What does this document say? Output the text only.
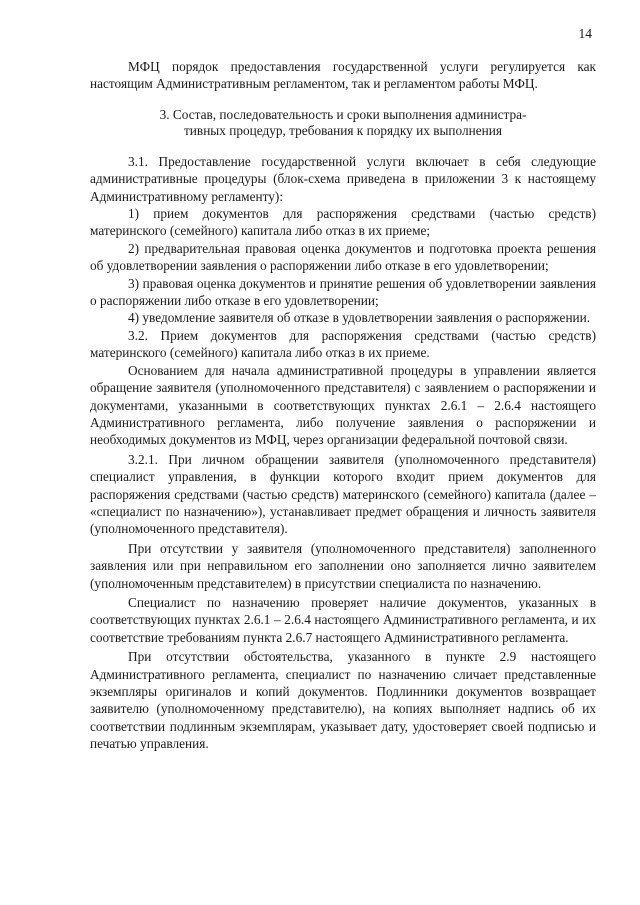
14

МФЦ порядок предоставления государственной услуги регулируется как настоящим Административным регламентом, так и регламентом работы МФЦ.

3. Состав, последовательность и сроки выполнения администра-
тивных процедур, требования к порядку их выполнения

3.1. Предоставление государственной услуги включает в себя следующие административные процедуры (блок-схема приведена в приложении 3 к настоящему Административному регламенту):

1) прием документов для распоряжения средствами (частью средств) материнского (семейного) капитала либо отказ в их приеме;

2) предварительная правовая оценка документов и подготовка проекта решения об удовлетворении заявления о распоряжении либо отказе в его удовлетворении;

3) правовая оценка документов и принятие решения об удовлетворении заявления о распоряжении либо отказе в его удовлетворении;

4) уведомление заявителя об отказе в удовлетворении заявления о распоряжении.

3.2. Прием документов для распоряжения средствами (частью средств) материнского (семейного) капитала либо отказ в их приеме.

Основанием для начала административной процедуры в управлении является обращение заявителя (уполномоченного представителя) с заявлением о распоряжении и документами, указанными в соответствующих пунктах 2.6.1 – 2.6.4 настоящего Административного регламента, либо получение заявления о распоряжении и необходимых документов из МФЦ, через организации федеральной почтовой связи.

3.2.1. При личном обращении заявителя (уполномоченного представителя) специалист управления, в функции которого входит прием документов для распоряжения средствами (частью средств) материнского (семейного) капитала (далее – «специалист по назначению»), устанавливает предмет обращения и личность заявителя (уполномоченного представителя).

При отсутствии у заявителя (уполномоченного представителя) заполненного заявления или при неправильном его заполнении оно заполняется лично заявителем (уполномоченным представителем) в присутствии специалиста по назначению.

Специалист по назначению проверяет наличие документов, указанных в соответствующих пунктах 2.6.1 – 2.6.4 настоящего Административного регламента, и их соответствие требованиям пункта 2.6.7 настоящего Административного регламента.

При отсутствии обстоятельства, указанного в пункте 2.9 настоящего Административного регламента, специалист по назначению сличает представленные экземпляры оригиналов и копий документов. Подлинники документов возвращает заявителю (уполномоченному представителю), на копиях выполняет надпись об их соответствии подлинным экземплярам, указывает дату, удостоверяет своей подписью и печатью управления.
